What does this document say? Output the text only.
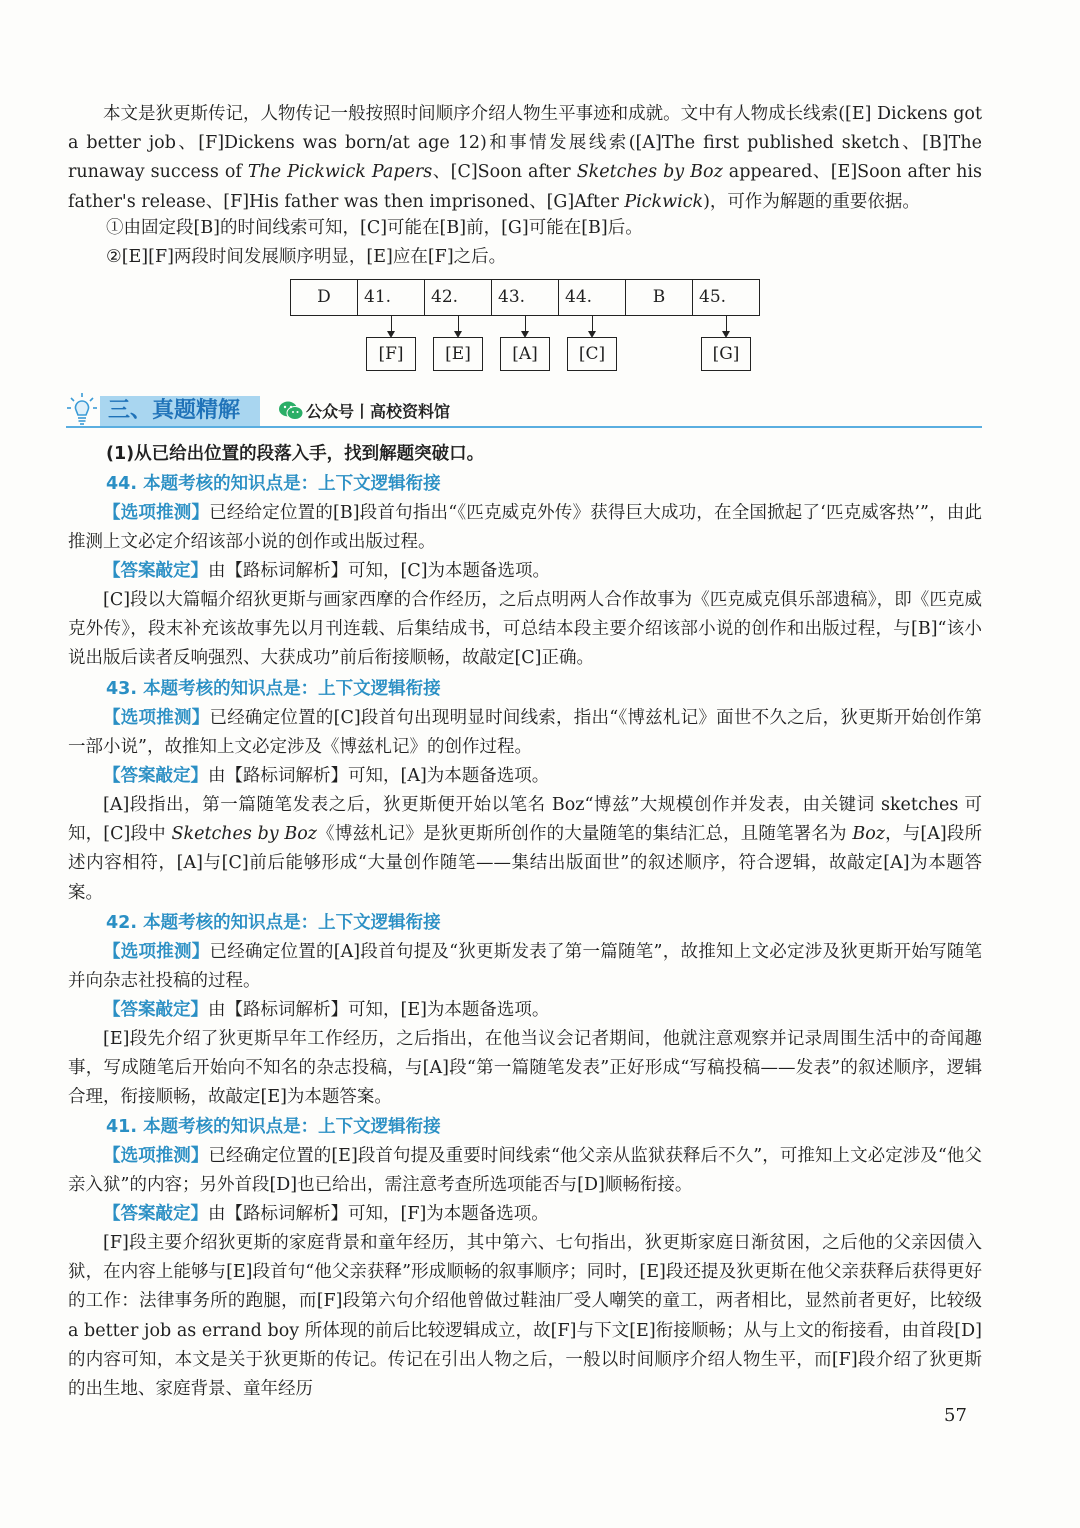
本文是狄更斯传记，人物传记一般按照时间顺序介绍人物生平事迹和成就。文中有人物成长线索([E] Dickens got a better job、[F]Dickens was born/at age 12)和事情发展线索([A]The first published sketch、[B]The runaway success of The Pickwick Papers、[C]Soon after Sketches by Boz appeared、[E]Soon after his father's release、[F]His father was then imprisoned、[G]After Pickwick)，可作为解题的重要依据。

①由固定段[B]的时间线索可知，[C]可能在[B]前，[G]可能在[B]后。

②[E][F]两段时间发展顺序明显，[E]应在[F]之后。

D	41.	42.	43.	44.	B	45.
[F]	[E]	[A]	[C]	[G]
三、真题精解	公众号丨高校资料馆

(1)从已给出位置的段落入手，找到解题突破口。

44. 本题考核的知识点是：上下文逻辑衔接

【选项推测】已经给定位置的[B]段首句指出“《匹克威克外传》获得巨大成功，在全国掀起了‘匹克威客热’”，由此推测上文必定介绍该部小说的创作或出版过程。

【答案敲定】由【路标词解析】可知，[C]为本题备选项。

[C]段以大篇幅介绍狄更斯与画家西摩的合作经历，之后点明两人合作故事为《匹克威克俱乐部遗稿》，即《匹克威克外传》，段末补充该故事先以月刊连载、后集结成书，可总结本段主要介绍该部小说的创作和出版过程，与[B]“该小说出版后读者反响强烈、大获成功”前后衔接顺畅，故敲定[C]正确。

43. 本题考核的知识点是：上下文逻辑衔接

【选项推测】已经确定位置的[C]段首句出现明显时间线索，指出“《博兹札记》面世不久之后，狄更斯开始创作第一部小说”，故推知上文必定涉及《博兹札记》的创作过程。

【答案敲定】由【路标词解析】可知，[A]为本题备选项。

[A]段指出，第一篇随笔发表之后，狄更斯便开始以笔名 Boz“博兹”大规模创作并发表，由关键词 sketches 可知，[C]段中 Sketches by Boz《博兹札记》是狄更斯所创作的大量随笔的集结汇总，且随笔署名为 Boz，与[A]段所述内容相符，[A]与[C]前后能够形成“大量创作随笔——集结出版面世”的叙述顺序，符合逻辑，故敲定[A]为本题答案。

42. 本题考核的知识点是：上下文逻辑衔接

【选项推测】已经确定位置的[A]段首句提及“狄更斯发表了第一篇随笔”，故推知上文必定涉及狄更斯开始写随笔并向杂志社投稿的过程。

【答案敲定】由【路标词解析】可知，[E]为本题备选项。

[E]段先介绍了狄更斯早年工作经历，之后指出，在他当议会记者期间，他就注意观察并记录周围生活中的奇闻趣事，写成随笔后开始向不知名的杂志投稿，与[A]段“第一篇随笔发表”正好形成“写稿投稿——发表”的叙述顺序，逻辑合理，衔接顺畅，故敲定[E]为本题答案。

41. 本题考核的知识点是：上下文逻辑衔接

【选项推测】已经确定位置的[E]段首句提及重要时间线索“他父亲从监狱获释后不久”，可推知上文必定涉及“他父亲入狱”的内容；另外首段[D]也已给出，需注意考查所选项能否与[D]顺畅衔接。

【答案敲定】由【路标词解析】可知，[F]为本题备选项。

[F]段主要介绍狄更斯的家庭背景和童年经历，其中第六、七句指出，狄更斯家庭日渐贫困，之后他的父亲因债入狱，在内容上能够与[E]段首句“他父亲获释”形成顺畅的叙事顺序；同时，[E]段还提及狄更斯在他父亲获释后获得更好的工作：法律事务所的跑腿，而[F]段第六句介绍他曾做过鞋油厂受人嘲笑的童工，两者相比，显然前者更好，比较级 a better job as errand boy 所体现的前后比较逻辑成立，故[F]与下文[E]衔接顺畅；从与上文的衔接看，由首段[D]的内容可知，本文是关于狄更斯的传记。传记在引出人物之后，一般以时间顺序介绍人物生平，而[F]段介绍了狄更斯的出生地、家庭背景、童年经历

57
